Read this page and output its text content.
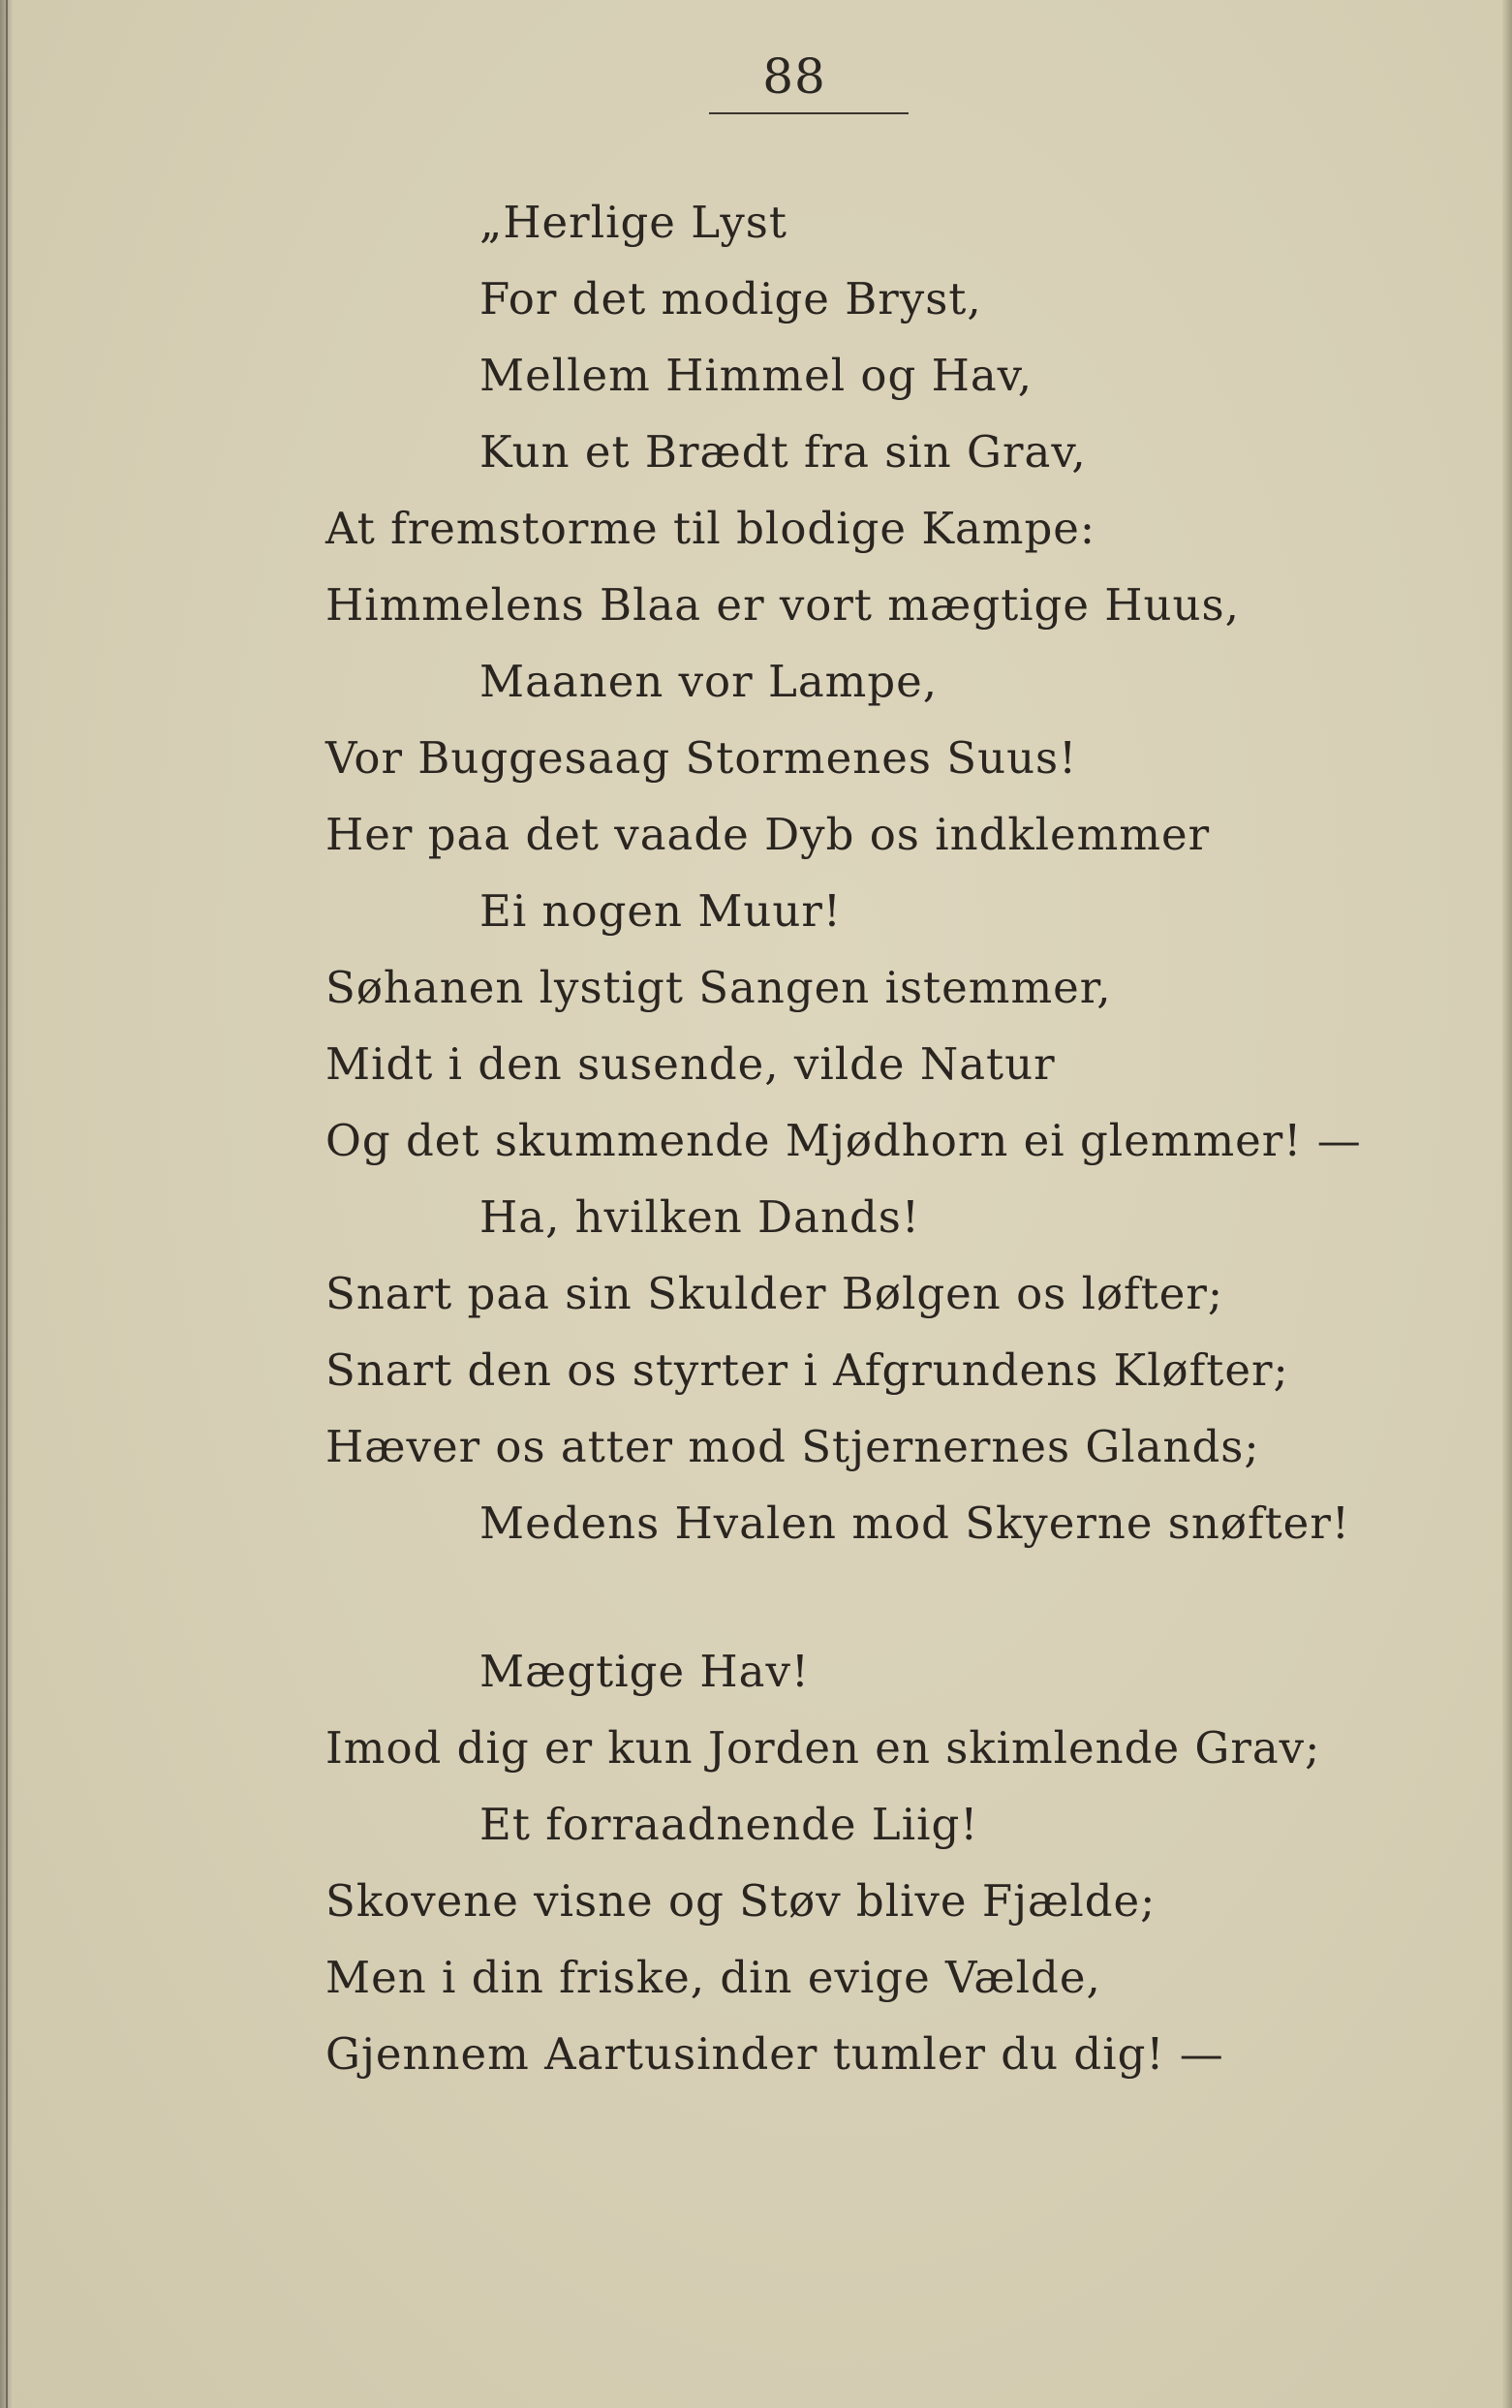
88
„Herlige Lyst
For det modige Bryst,
Mellem Himmel og Hav,
Kun et Brædt fra sin Grav,
At fremstorme til blodige Kampe:
Himmelens Blaa er vort mægtige Huus,
Maanen vor Lampe,
Vor Buggesaag Stormenes Suus!
Her paa det vaade Dyb os indklemmer
Ei nogen Muur!
Søhanen lystigt Sangen istemmer,
Midt i den susende, vilde Natur
Og det skummende Mjødhorn ei glemmer! —
Ha, hvilken Dands!
Snart paa sin Skulder Bølgen os løfter;
Snart den os styrter i Afgrundens Kløfter;
Hæver os atter mod Stjernernes Glands;
Medens Hvalen mod Skyerne snøfter!
Mægtige Hav!
Imod dig er kun Jorden en skimlende Grav;
Et forraadnende Liig!
Skovene visne og Støv blive Fjælde;
Men i din friske, din evige Vælde,
Gjennem Aartusinder tumler du dig! —
